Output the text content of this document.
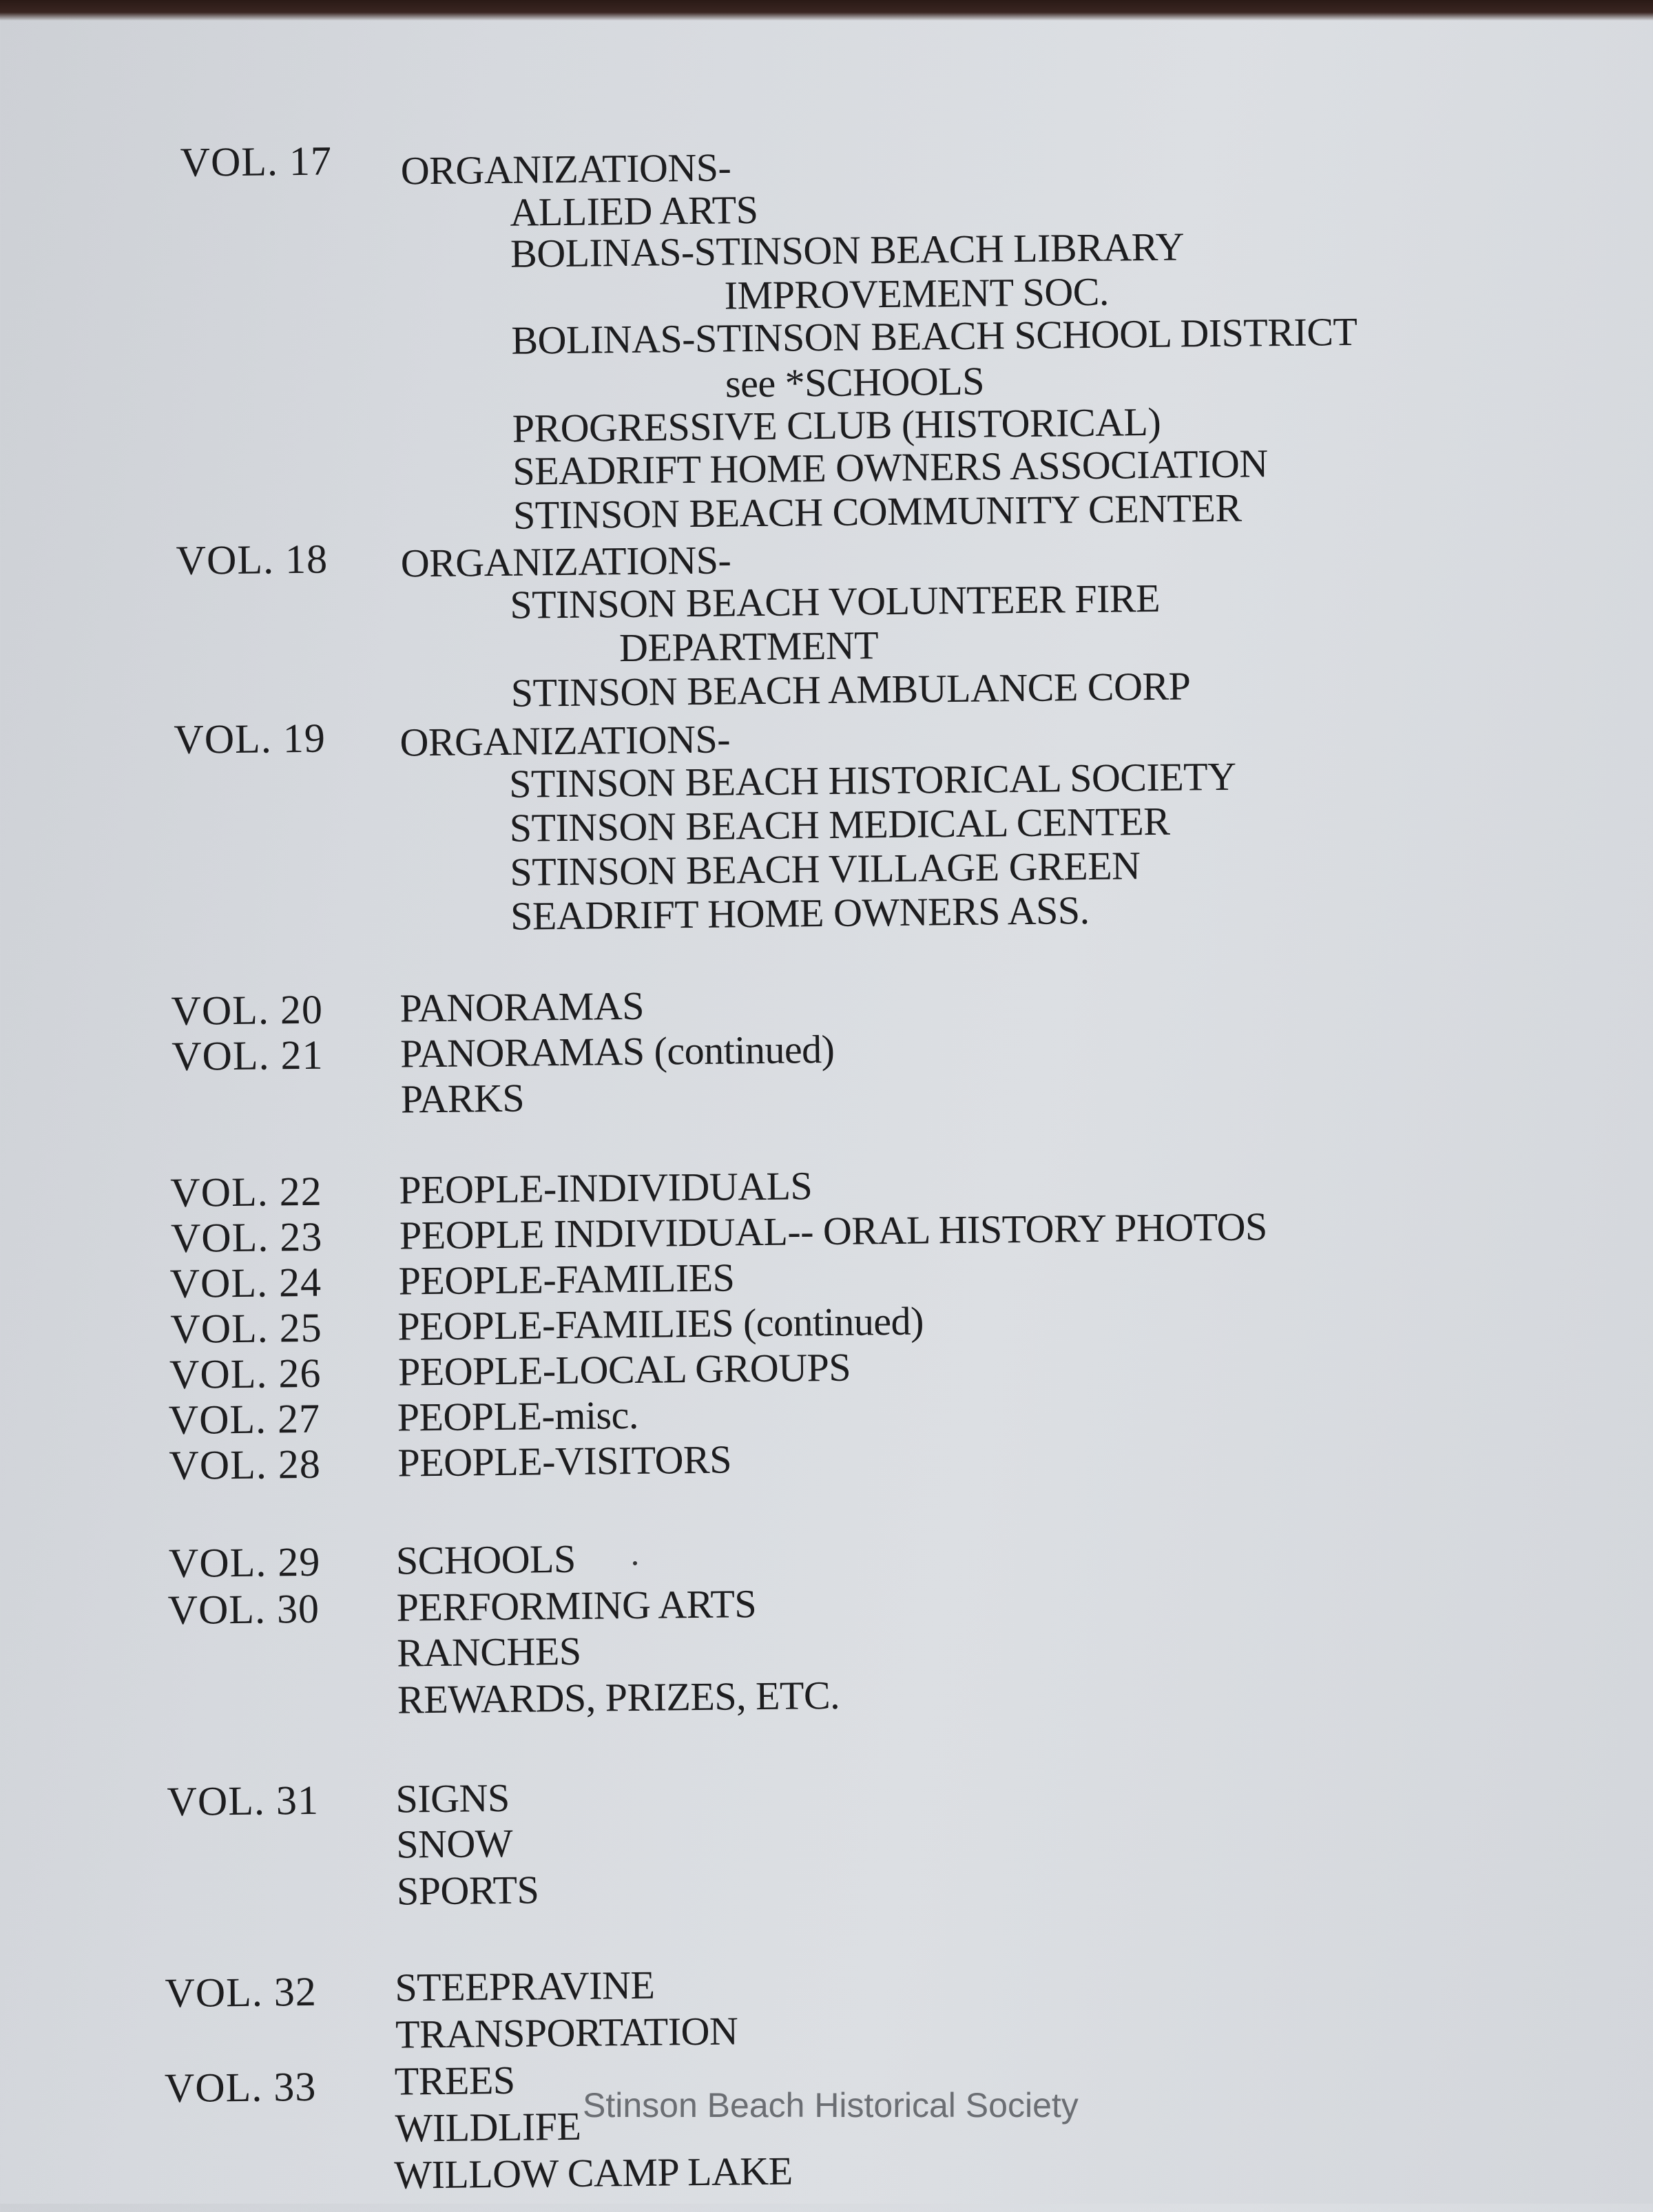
VOL. 17	ORGANIZATIONS-
ALLIED ARTS
BOLINAS-STINSON BEACH LIBRARY
IMPROVEMENT SOC.
BOLINAS-STINSON BEACH SCHOOL DISTRICT
see *SCHOOLS
PROGRESSIVE CLUB (HISTORICAL)
SEADRIFT HOME OWNERS ASSOCIATION
STINSON BEACH COMMUNITY CENTER
VOL. 18	ORGANIZATIONS-
STINSON BEACH VOLUNTEER FIRE
DEPARTMENT
STINSON BEACH AMBULANCE CORP
VOL. 19	ORGANIZATIONS-
STINSON BEACH HISTORICAL SOCIETY
STINSON BEACH MEDICAL CENTER
STINSON BEACH VILLAGE GREEN
SEADRIFT HOME OWNERS ASS.
VOL. 20	PANORAMAS
VOL. 21	PANORAMAS (continued)
PARKS
VOL. 22	PEOPLE-INDIVIDUALS
VOL. 23	PEOPLE INDIVIDUAL-- ORAL HISTORY PHOTOS
VOL. 24	PEOPLE-FAMILIES
VOL. 25	PEOPLE-FAMILIES (continued)
VOL. 26	PEOPLE-LOCAL GROUPS
VOL. 27	PEOPLE-misc.
VOL. 28	PEOPLE-VISITORS
VOL. 29	SCHOOLS
VOL. 30	PERFORMING ARTS
RANCHES
REWARDS, PRIZES, ETC.
VOL. 31	SIGNS
SNOW
SPORTS
VOL. 32	STEEPRAVINE
TRANSPORTATION
VOL. 33	TREES
WILDLIFE
WILLOW CAMP LAKE
Stinson Beach Historical Society
